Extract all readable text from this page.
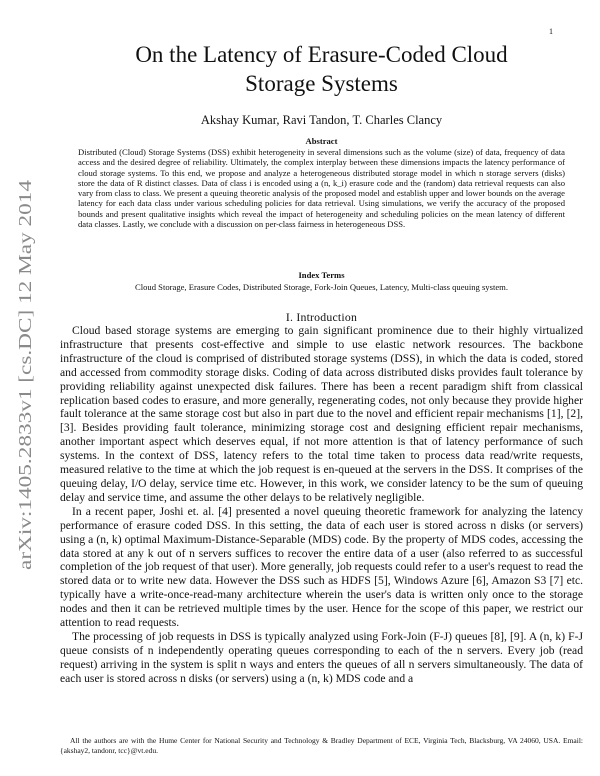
1
arXiv:1405.2833v1 [cs.DC] 12 May 2014
On the Latency of Erasure-Coded Cloud
Storage Systems
Akshay Kumar, Ravi Tandon, T. Charles Clancy
Abstract
Distributed (Cloud) Storage Systems (DSS) exhibit heterogeneity in several dimensions such as the volume (size) of data, frequency of data access and the desired degree of reliability. Ultimately, the complex interplay between these dimensions impacts the latency performance of cloud storage systems. To this end, we propose and analyze a heterogeneous distributed storage model in which n storage servers (disks) store the data of R distinct classes. Data of class i is encoded using a (n, k_i) erasure code and the (random) data retrieval requests can also vary from class to class. We present a queuing theoretic analysis of the proposed model and establish upper and lower bounds on the average latency for each data class under various scheduling policies for data retrieval. Using simulations, we verify the accuracy of the proposed bounds and present qualitative insights which reveal the impact of heterogeneity and scheduling policies on the mean latency of different data classes. Lastly, we conclude with a discussion on per-class fairness in heterogeneous DSS.
Index Terms
Cloud Storage, Erasure Codes, Distributed Storage, Fork-Join Queues, Latency, Multi-class queuing system.
I. Introduction

Cloud based storage systems are emerging to gain significant prominence due to their highly virtualized infrastructure that presents cost-effective and simple to use elastic network resources. The backbone infrastructure of the cloud is comprised of distributed storage systems (DSS), in which the data is coded, stored and accessed from commodity storage disks. Coding of data across distributed disks provides fault tolerance by providing reliability against unexpected disk failures. There has been a recent paradigm shift from classical replication based codes to erasure, and more generally, regenerating codes, not only because they provide higher fault tolerance at the same storage cost but also in part due to the novel and efficient repair mechanisms [1], [2], [3]. Besides providing fault tolerance, minimizing storage cost and designing efficient repair mechanisms, another important aspect which deserves equal, if not more attention is that of latency performance of such systems. In the context of DSS, latency refers to the total time taken to process data read/write requests, measured relative to the time at which the job request is en-queued at the servers in the DSS. It comprises of the queuing delay, I/O delay, service time etc. However, in this work, we consider latency to be the sum of queuing delay and service time, and assume the other delays to be relatively negligible.

In a recent paper, Joshi et. al. [4] presented a novel queuing theoretic framework for analyzing the latency performance of erasure coded DSS. In this setting, the data of each user is stored across n disks (or servers) using a (n, k) optimal Maximum-Distance-Separable (MDS) code. By the property of MDS codes, accessing the data stored at any k out of n servers suffices to recover the entire data of a user (also referred to as successful completion of the job request of that user). More generally, job requests could refer to a user's request to read the stored data or to write new data. However the DSS such as HDFS [5], Windows Azure [6], Amazon S3 [7] etc. typically have a write-once-read-many architecture wherein the user's data is written only once to the storage nodes and then it can be retrieved multiple times by the user. Hence for the scope of this paper, we restrict our attention to read requests.

The processing of job requests in DSS is typically analyzed using Fork-Join (F-J) queues [8], [9]. A (n, k) F-J queue consists of n independently operating queues corresponding to each of the n servers. Every job (read request) arriving in the system is split n ways and enters the queues of all n servers simultaneously. The data of each user is stored across n disks (or servers) using a (n, k) MDS code and a

All the authors are with the Hume Center for National Security and Technology & Bradley Department of ECE, Virginia Tech, Blacksburg, VA 24060, USA. Email: {akshay2, tandonr, tcc}@vt.edu.
